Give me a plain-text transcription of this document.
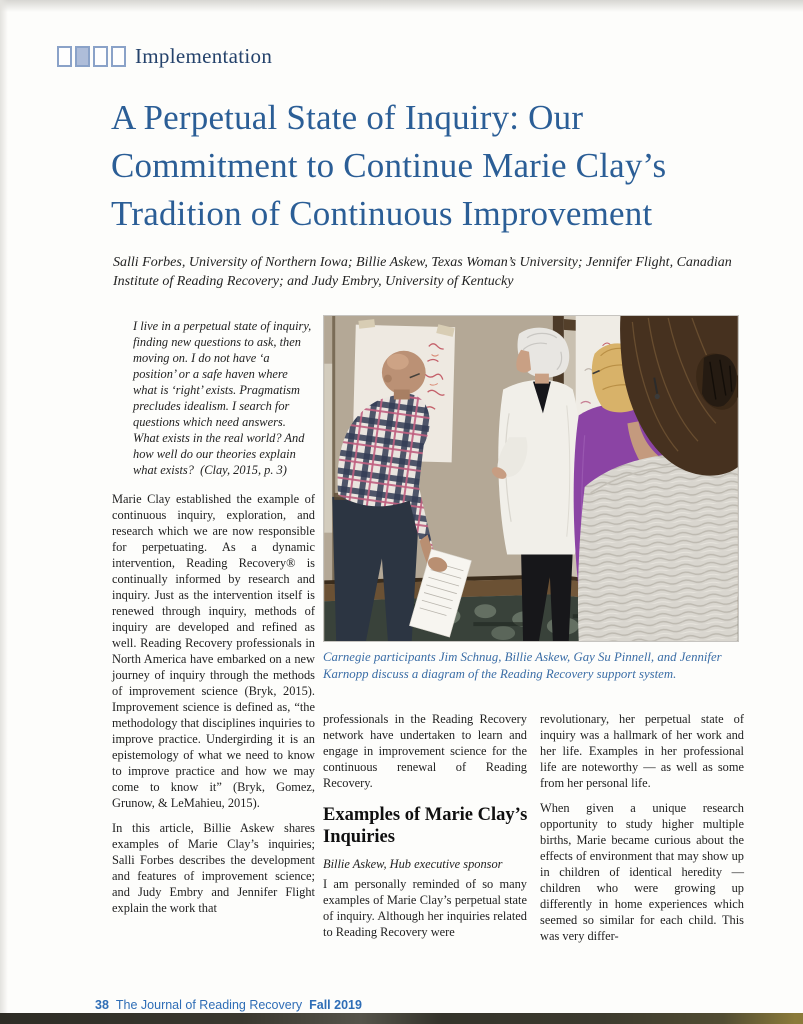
Implementation
A Perpetual State of Inquiry: Our Commitment to Continue Marie Clay’s Tradition of Continuous Improvement

Salli Forbes, University of Northern Iowa; Billie Askew, Texas Woman’s University; Jennifer Flight, Canadian Institute of Reading Recovery; and Judy Embry, University of Kentucky

I live in a perpetual state of inquiry, finding new questions to ask, then moving on. I do not have ‘a position’ or a safe haven where what is ‘right’ exists. Pragmatism precludes idealism. I search for questions which need answers. What exists in the real world? And how well do our theories explain what exists? (Clay, 2015, p. 3)

Marie Clay established the example of continuous inquiry, exploration, and research which we are now responsible for perpetuating. As a dynamic intervention, Reading Recovery® is continually informed by research and inquiry. Just as the intervention itself is renewed through inquiry, methods of inquiry are developed and refined as well. Reading Recovery professionals in North America have embarked on a new journey of inquiry through the methods of improvement science (Bryk, 2015). Improvement science is defined as, “the methodology that disciplines inquiries to improve practice. Undergirding it is an epistemology of what we need to know to improve practice and how we may come to know it” (Bryk, Gomez, Grunow, & LeMahieu, 2015).

In this article, Billie Askew shares examples of Marie Clay’s inquiries; Salli Forbes describes the development and features of improvement science; and Judy Embry and Jennifer Flight explain the work that

Carnegie participants Jim Schnug, Billie Askew, Gay Su Pinnell, and Jennifer Karnopp discuss a diagram of the Reading Recovery support system.

professionals in the Reading Recovery network have undertaken to learn and engage in improvement science for the continuous renewal of Reading Recovery.

Examples of Marie Clay’s Inquiries

Billie Askew, Hub executive sponsor

I am personally reminded of so many examples of Marie Clay’s perpetual state of inquiry. Although her inquiries related to Reading Recovery were

revolutionary, her perpetual state of inquiry was a hallmark of her work and her life. Examples in her professional life are noteworthy — as well as some from her personal life.

When given a unique research opportunity to study higher multiple births, Marie became curious about the effects of environment that may show up in children of identical heredity — children who were growing up differently in home experiences which seemed so similar for each child. This was very differ-

38 The Journal of Reading Recovery Fall 2019
